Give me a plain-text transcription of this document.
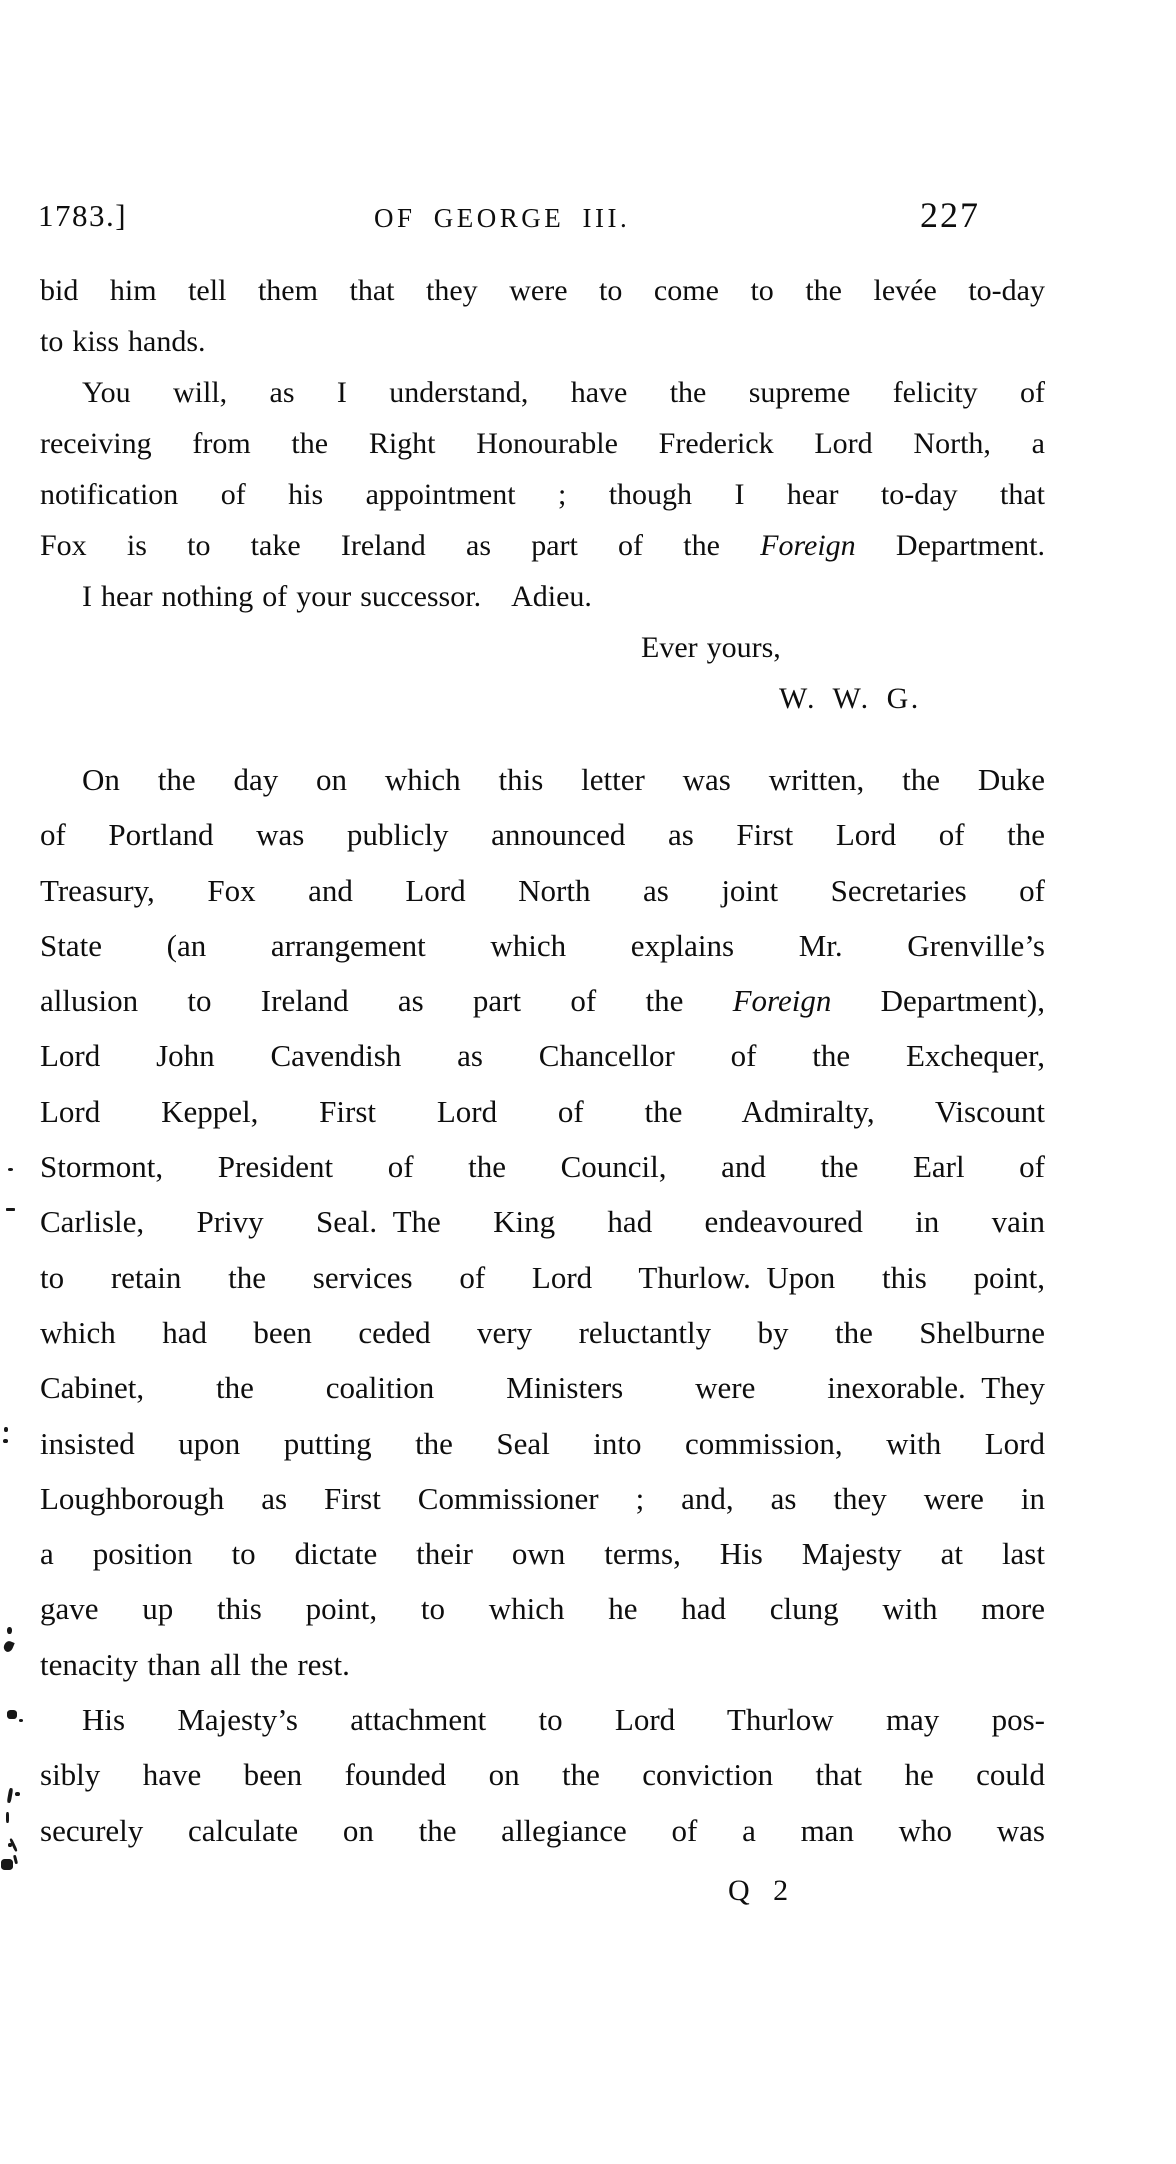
1783.]	OF GEORGE III.	227
bid him tell them that they were to come to the levée to-day
to kiss hands.
You will, as I understand, have the supreme felicity of
receiving from the Right Honourable Frederick Lord North, a
notification of his appointment ; though I hear to-day that
Fox is to take Ireland as part of the Foreign Department.
I hear nothing of your successor. Adieu.
Ever yours,
W. W. G.
On the day on which this letter was written, the Duke
of Portland was publicly announced as First Lord of the
Treasury, Fox and Lord North as joint Secretaries of
State (an arrangement which explains Mr. Grenville’s
allusion to Ireland as part of the Foreign Department),
Lord John Cavendish as Chancellor of the Exchequer,
Lord Keppel, First Lord of the Admiralty, Viscount
Stormont, President of the Council, and the Earl of
Carlisle, Privy Seal. The King had endeavoured in vain
to retain the services of Lord Thurlow. Upon this point,
which had been ceded very reluctantly by the Shelburne
Cabinet, the coalition Ministers were inexorable. They
insisted upon putting the Seal into commission, with Lord
Loughborough as First Commissioner ; and, as they were in
a position to dictate their own terms, His Majesty at last
gave up this point, to which he had clung with more
tenacity than all the rest.
His Majesty’s attachment to Lord Thurlow may pos-
sibly have been founded on the conviction that he could
securely calculate on the allegiance of a man who was
Q 2
